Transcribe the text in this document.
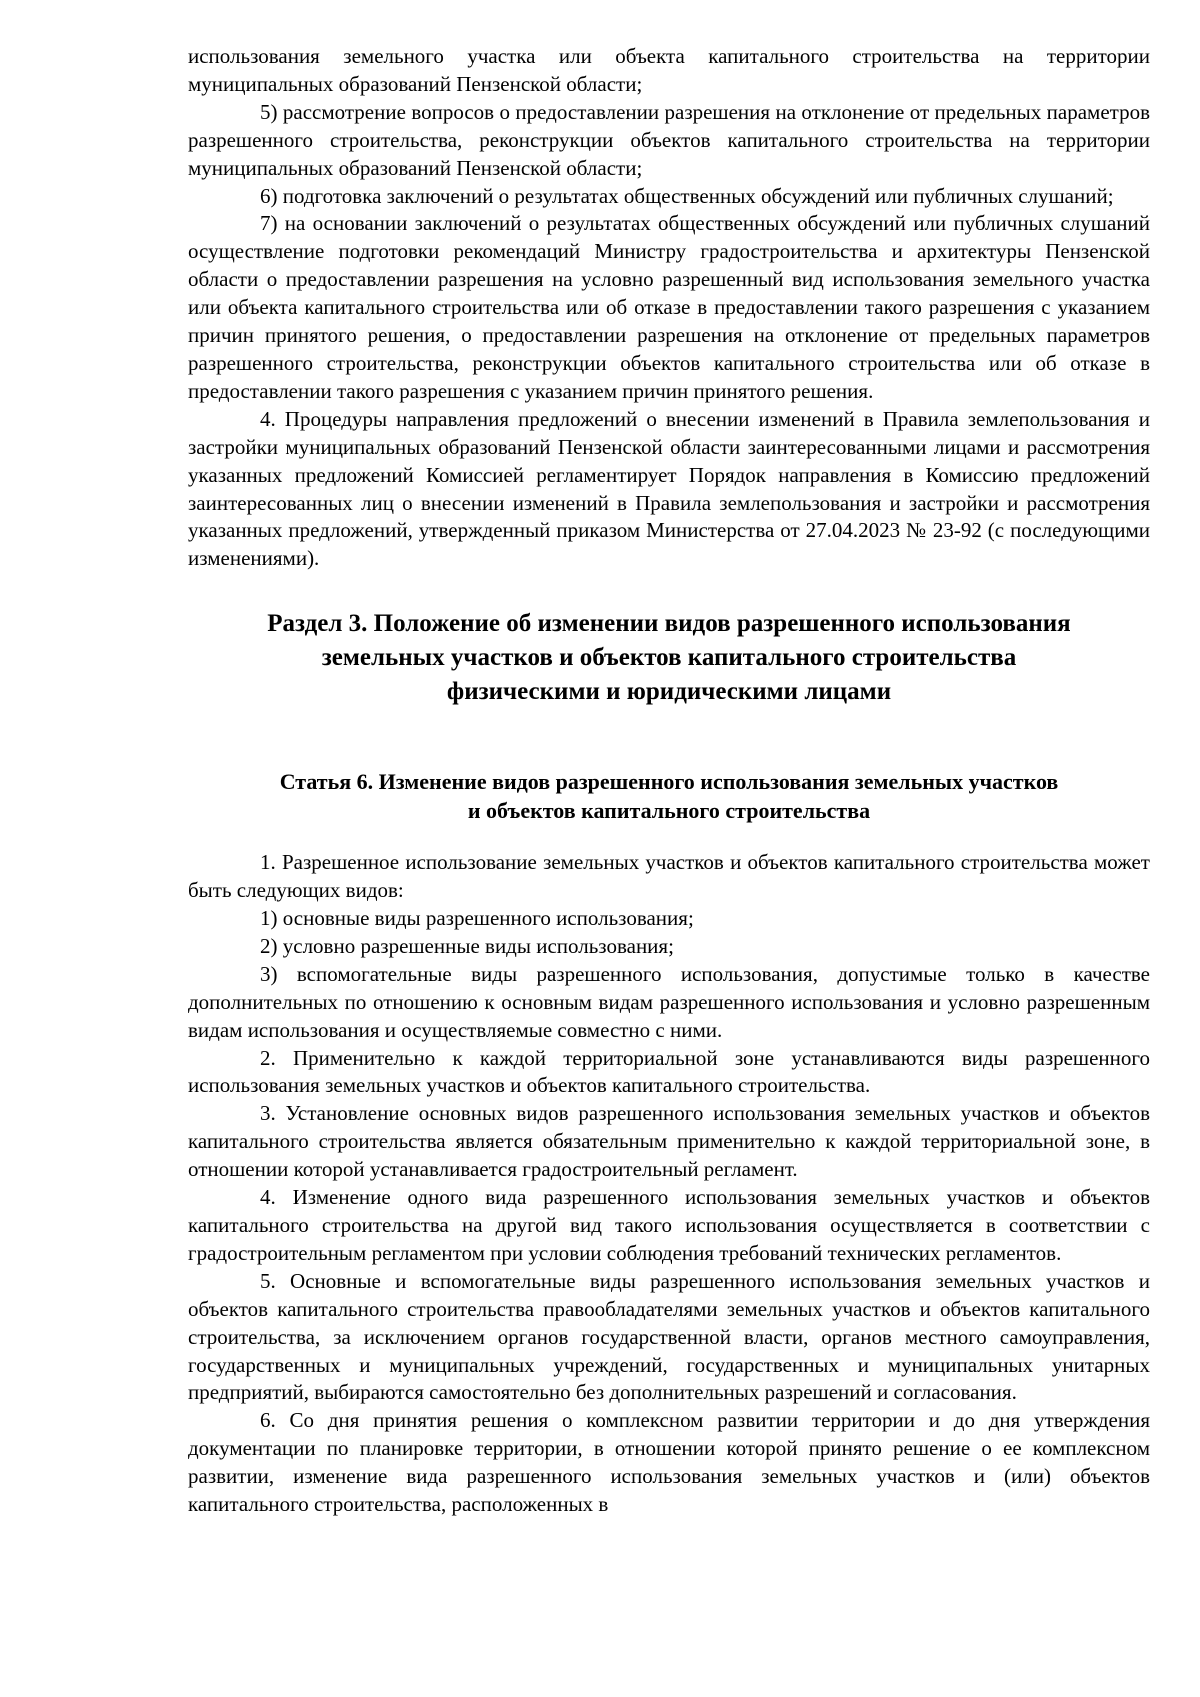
использования земельного участка или объекта капитального строительства на территории муниципальных образований Пензенской области;

5) рассмотрение вопросов о предоставлении разрешения на отклонение от предельных параметров разрешенного строительства, реконструкции объектов капитального строительства на территории муниципальных образований Пензенской области;

6) подготовка заключений о результатах общественных обсуждений или публичных слушаний;

7) на основании заключений о результатах общественных обсуждений или публичных слушаний осуществление подготовки рекомендаций Министру градостроительства и архитектуры Пензенской области о предоставлении разрешения на условно разрешенный вид использования земельного участка или объекта капитального строительства или об отказе в предоставлении такого разрешения с указанием причин принятого решения, о предоставлении разрешения на отклонение от предельных параметров разрешенного строительства, реконструкции объектов капитального строительства или об отказе в предоставлении такого разрешения с указанием причин принятого решения.

4. Процедуры направления предложений о внесении изменений в Правила землепользования и застройки муниципальных образований Пензенской области заинтересованными лицами и рассмотрения указанных предложений Комиссией регламентирует Порядок направления в Комиссию предложений заинтересованных лиц о внесении изменений в Правила землепользования и застройки и рассмотрения указанных предложений, утвержденный приказом Министерства от 27.04.2023 № 23-92 (с последующими изменениями).

Раздел 3. Положение об изменении видов разрешенного использования
земельных участков и объектов капитального строительства
физическими и юридическими лицами
Статья 6. Изменение видов разрешенного использования земельных участков
и объектов капитального строительства

1. Разрешенное использование земельных участков и объектов капитального строительства может быть следующих видов:

1) основные виды разрешенного использования;

2) условно разрешенные виды использования;

3) вспомогательные виды разрешенного использования, допустимые только в качестве дополнительных по отношению к основным видам разрешенного использования и условно разрешенным видам использования и осуществляемые совместно с ними.

2. Применительно к каждой территориальной зоне устанавливаются виды разрешенного использования земельных участков и объектов капитального строительства.

3. Установление основных видов разрешенного использования земельных участков и объектов капитального строительства является обязательным применительно к каждой территориальной зоне, в отношении которой устанавливается градостроительный регламент.

4. Изменение одного вида разрешенного использования земельных участков и объектов капитального строительства на другой вид такого использования осуществляется в соответствии с градостроительным регламентом при условии соблюдения требований технических регламентов.

5. Основные и вспомогательные виды разрешенного использования земельных участков и объектов капитального строительства правообладателями земельных участков и объектов капитального строительства, за исключением органов государственной власти, органов местного самоуправления, государственных и муниципальных учреждений, государственных и муниципальных унитарных предприятий, выбираются самостоятельно без дополнительных разрешений и согласования.

6. Со дня принятия решения о комплексном развитии территории и до дня утверждения документации по планировке территории, в отношении которой принято решение о ее комплексном развитии, изменение вида разрешенного использования земельных участков и (или) объектов капитального строительства, расположенных в
